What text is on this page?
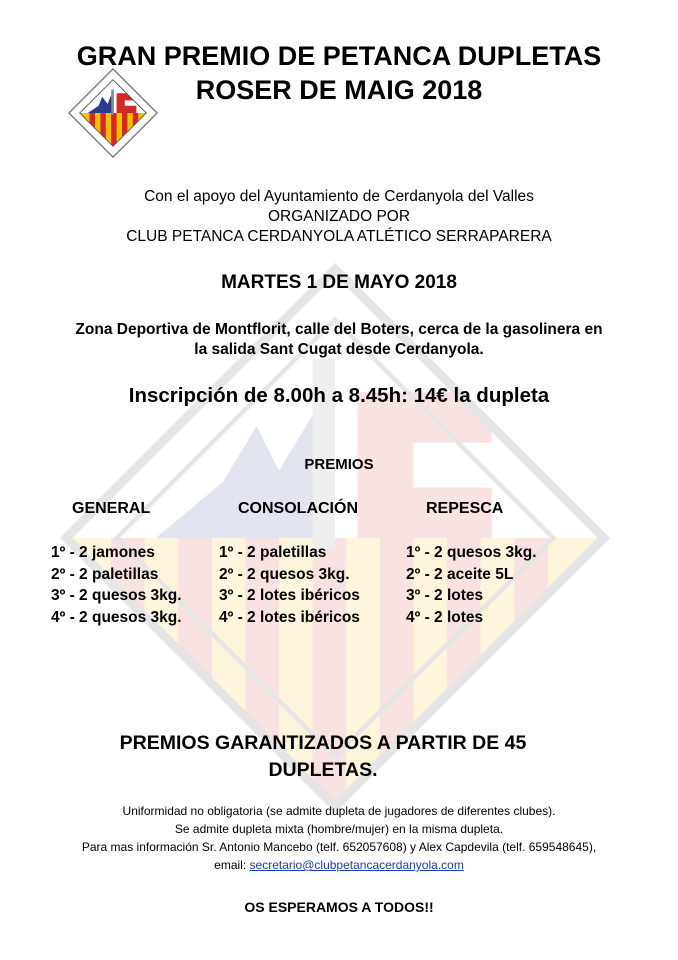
GRAN PREMIO DE PETANCA DUPLETAS
ROSER DE MAIG 2018
Con el apoyo del Ayuntamiento de Cerdanyola del Valles
ORGANIZADO POR
CLUB PETANCA CERDANYOLA ATLÉTICO SERRAPARERA
MARTES 1 DE MAYO 2018
Zona Deportiva de Montflorit, calle del Boters, cerca de la gasolinera en
la salida Sant Cugat desde Cerdanyola.
Inscripción de 8.00h a 8.45h: 14€ la dupleta
PREMIOS
GENERAL	CONSOLACIÓN	REPESCA
1º - 2 jamones
2º - 2 paletillas
3º - 2 quesos 3kg.
4º - 2 quesos 3kg.
1º - 2 paletillas
2º - 2 quesos 3kg.
3º - 2 lotes ibéricos
4º - 2 lotes ibéricos
1º - 2 quesos 3kg.
2º - 2 aceite 5L
3º - 2 lotes
4º - 2 lotes
PREMIOS GARANTIZADOS A PARTIR DE 45
DUPLETAS.
Uniformidad no obligatoria (se admite dupleta de jugadores de diferentes clubes).
Se admite dupleta mixta (hombre/mujer) en la misma dupleta.
Para mas información Sr. Antonio Mancebo (telf. 652057608) y Alex Capdevila (telf. 659548645),
email: secretario@clubpetancacerdanyola.com
OS ESPERAMOS A TODOS!!
